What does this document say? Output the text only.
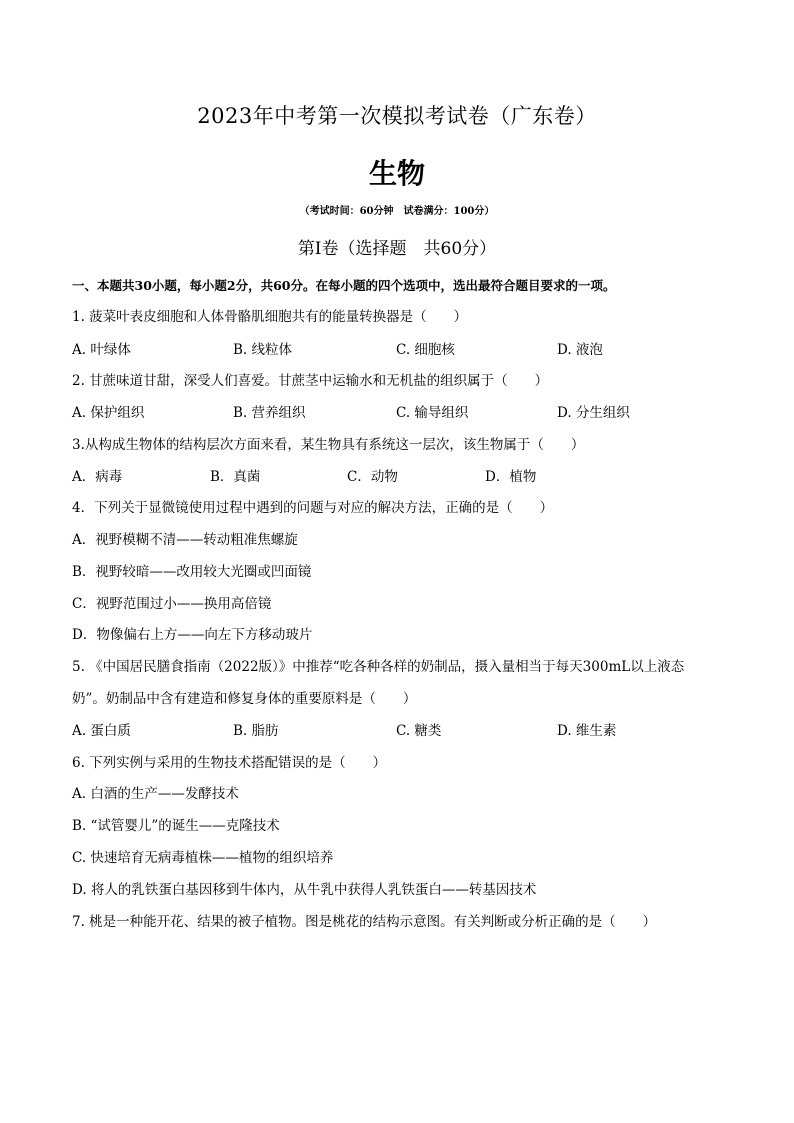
2023年中考第一次模拟考试卷（广东卷）
生物
（考试时间：60分钟　试卷满分：100分）
第Ⅰ卷（选择题　共60分）
一、本题共30小题，每小题2分，共60分。在每小题的四个选项中，选出最符合题目要求的一项。
1. 菠菜叶表皮细胞和人体骨骼肌细胞共有的能量转换器是（　　）
A. 叶绿体	B. 线粒体	C. 细胞核	D. 液泡
2. 甘蔗味道甘甜，深受人们喜爱。甘蔗茎中运输水和无机盐的组织属于（　　）
A. 保护组织	B. 营养组织	C. 输导组织	D. 分生组织
3.从构成生物体的结构层次方面来看，某生物具有系统这一层次，该生物属于（　　）
A．病毒	B．真菌	C．动物	D．植物
4．下列关于显微镜使用过程中遇到的问题与对应的解决方法，正确的是（　　）
A．视野模糊不清——转动粗准焦螺旋
B．视野较暗——改用较大光圈或凹面镜
C．视野范围过小——换用高倍镜
D．物像偏右上方——向左下方移动玻片
5. 《中国居民膳食指南（2022版）》中推荐“吃各种各样的奶制品，摄入量相当于每天300mL以上液态
奶”。奶制品中含有建造和修复身体的重要原料是（　　）
A. 蛋白质	B. 脂肪	C. 糖类	D. 维生素
6. 下列实例与采用的生物技术搭配错误的是（　　）
A. 白酒的生产——发酵技术
B. “试管婴儿”的诞生——克隆技术
C. 快速培育无病毒植株——植物的组织培养
D. 将人的乳铁蛋白基因移到牛体内，从牛乳中获得人乳铁蛋白——转基因技术
7. 桃是一种能开花、结果的被子植物。图是桃花的结构示意图。有关判断或分析正确的是（　　）
